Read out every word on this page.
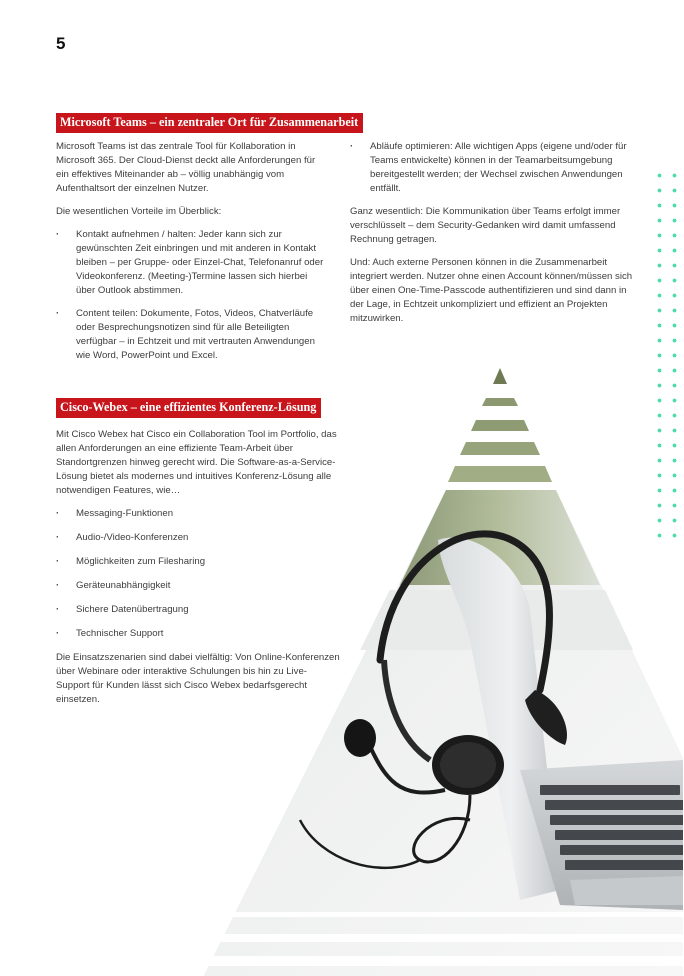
5
Microsoft Teams – ein zentraler Ort für Zusammenarbeit

Microsoft Teams ist das zentrale Tool für Kollaboration in Microsoft 365. Der Cloud-Dienst deckt alle Anforderungen für ein effektives Miteinander ab – völlig unabhängig vom Aufenthaltsort der einzelnen Nutzer.

Die wesentlichen Vorteile im Überblick:

· Kontakt aufnehmen / halten: Jeder kann sich zur gewünschten Zeit einbringen und mit anderen in Kontakt bleiben – per Gruppe- oder Einzel-Chat, Telefonanruf oder Videokonferenz. (Meeting-)Termine lassen sich hierbei über Outlook abstimmen.
· Content teilen: Dokumente, Fotos, Videos, Chatverläufe oder Besprechungsnotizen sind für alle Beteiligten verfügbar – in Echtzeit und mit vertrauten Anwendungen wie Word, PowerPoint und Excel.
· Abläufe optimieren: Alle wichtigen Apps (eigene und/oder für Teams entwickelte) können in der Teamarbeitsumgebung bereitgestellt werden; der Wechsel zwischen Anwendungen entfällt.

Ganz wesentlich: Die Kommunikation über Teams erfolgt immer verschlüsselt – dem Security-Gedanken wird damit umfassend Rechnung getragen.

Und: Auch externe Personen können in die Zusammenarbeit integriert werden. Nutzer ohne einen Account können/müssen sich über einen One-Time-Passcode authentifizieren und sind dann in der Lage, in Echtzeit unkompliziert und effizient an Projekten mitzuwirken.

Cisco-Webex – eine effizientes Konferenz-Lösung

Mit Cisco Webex hat Cisco ein Collaboration Tool im Portfolio, das allen Anforderungen an eine effiziente Team-Arbeit über Standortgrenzen hinweg gerecht wird. Die Software-as-a-Service-Lösung bietet als modernes und intuitives Konferenz-Lösung alle notwendigen Features, wie…

· Messaging-Funktionen
· Audio-/Video-Konferenzen
· Möglichkeiten zum Filesharing
· Geräteunabhängigkeit
· Sichere Datenübertragung
· Technischer Support

Die Einsatzszenarien sind dabei vielfältig: Von Online-Konferenzen über Webinare oder interaktive Schulungen bis hin zu Live-Support für Kunden lässt sich Cisco Webex bedarfsgerecht einsetzen.
